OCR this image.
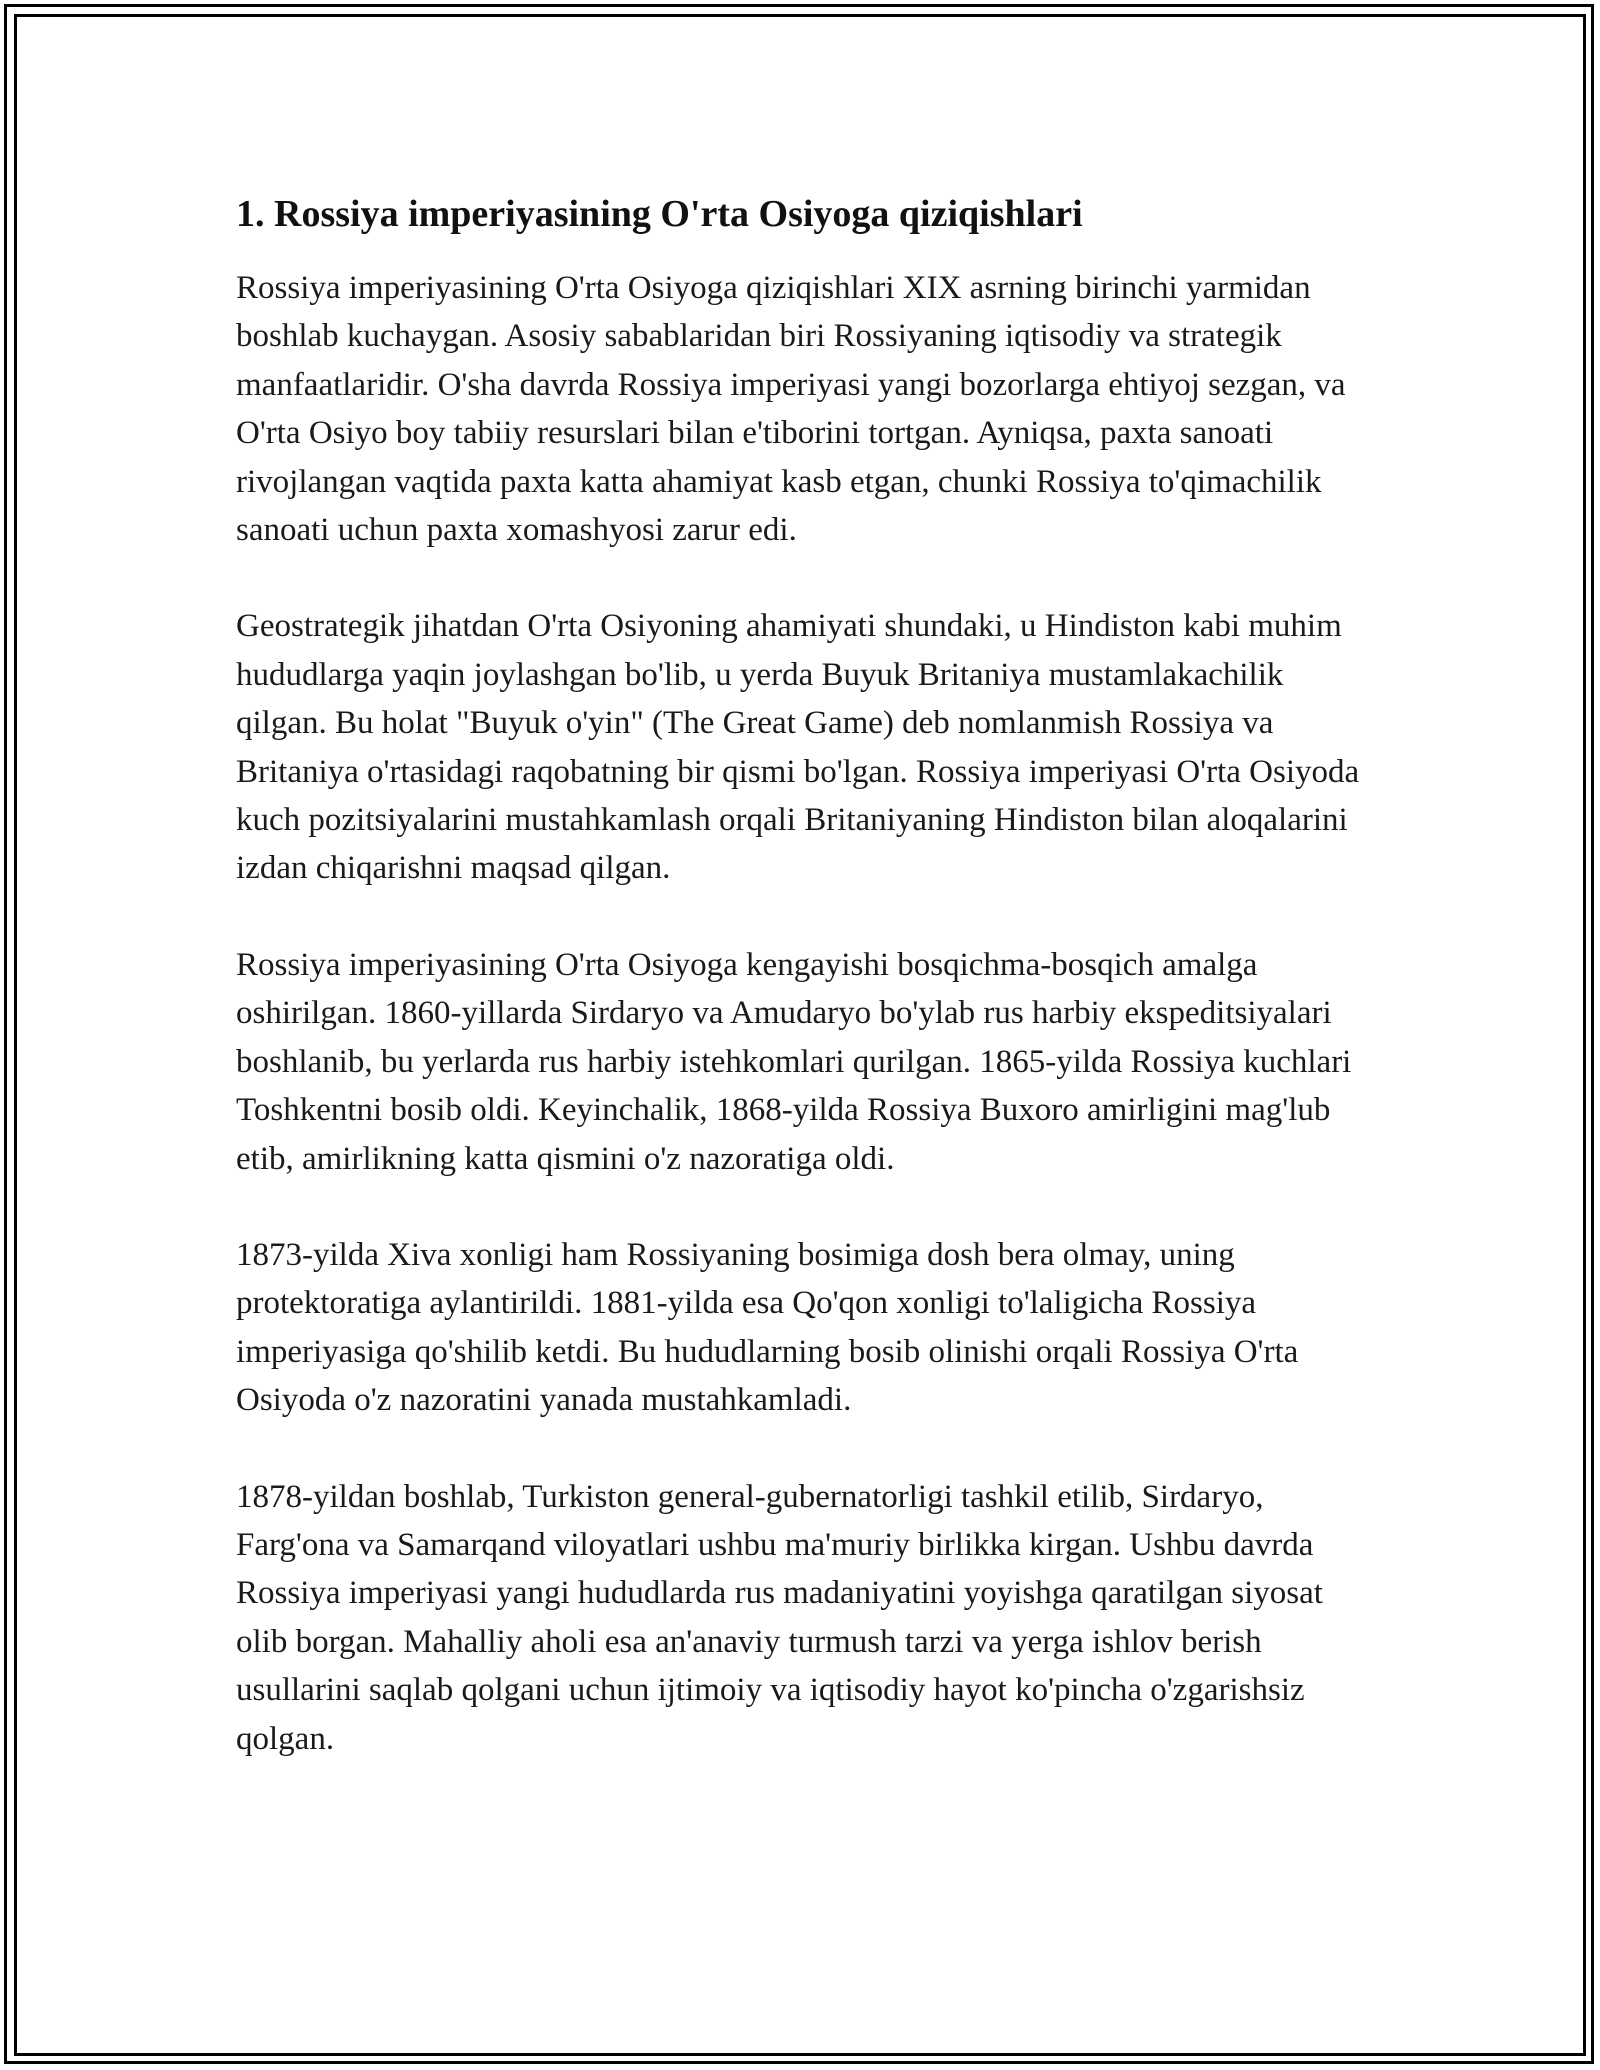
1. Rossiya imperiyasining O'rta Osiyoga qiziqishlari

Rossiya imperiyasining O'rta Osiyoga qiziqishlari XIX asrning birinchi yarmidan boshlab kuchaygan. Asosiy sabablaridan biri Rossiyaning iqtisodiy va strategik manfaatlaridir. O'sha davrda Rossiya imperiyasi yangi bozorlarga ehtiyoj sezgan, va O'rta Osiyo boy tabiiy resurslari bilan e'tiborini tortgan. Ayniqsa, paxta sanoati rivojlangan vaqtida paxta katta ahamiyat kasb etgan, chunki Rossiya to'qimachilik sanoati uchun paxta xomashyosi zarur edi.

Geostrategik jihatdan O'rta Osiyoning ahamiyati shundaki, u Hindiston kabi muhim hududlarga yaqin joylashgan bo'lib, u yerda Buyuk Britaniya mustamlakachilik qilgan. Bu holat "Buyuk o'yin" (The Great Game) deb nomlanmish Rossiya va Britaniya o'rtasidagi raqobatning bir qismi bo'lgan. Rossiya imperiyasi O'rta Osiyoda kuch pozitsiyalarini mustahkamlash orqali Britaniyaning Hindiston bilan aloqalarini izdan chiqarishni maqsad qilgan.

Rossiya imperiyasining O'rta Osiyoga kengayishi bosqichma-bosqich amalga oshirilgan. 1860-yillarda Sirdaryo va Amudaryo bo'ylab rus harbiy ekspeditsiyalari boshlanib, bu yerlarda rus harbiy istehkomlari qurilgan. 1865-yilda Rossiya kuchlari Toshkentni bosib oldi. Keyinchalik, 1868-yilda Rossiya Buxoro amirligini mag'lub etib, amirlikning katta qismini o'z nazoratiga oldi.

1873-yilda Xiva xonligi ham Rossiyaning bosimiga dosh bera olmay, uning protektoratiga aylantirildi. 1881-yilda esa Qo'qon xonligi to'laligicha Rossiya imperiyasiga qo'shilib ketdi. Bu hududlarning bosib olinishi orqali Rossiya O'rta Osiyoda o'z nazoratini yanada mustahkamladi.

1878-yildan boshlab, Turkiston general-gubernatorligi tashkil etilib, Sirdaryo, Farg'ona va Samarqand viloyatlari ushbu ma'muriy birlikka kirgan. Ushbu davrda Rossiya imperiyasi yangi hududlarda rus madaniyatini yoyishga qaratilgan siyosat olib borgan. Mahalliy aholi esa an'anaviy turmush tarzi va yerga ishlov berish usullarini saqlab qolgani uchun ijtimoiy va iqtisodiy hayot ko'pincha o'zgarishsiz qolgan.
